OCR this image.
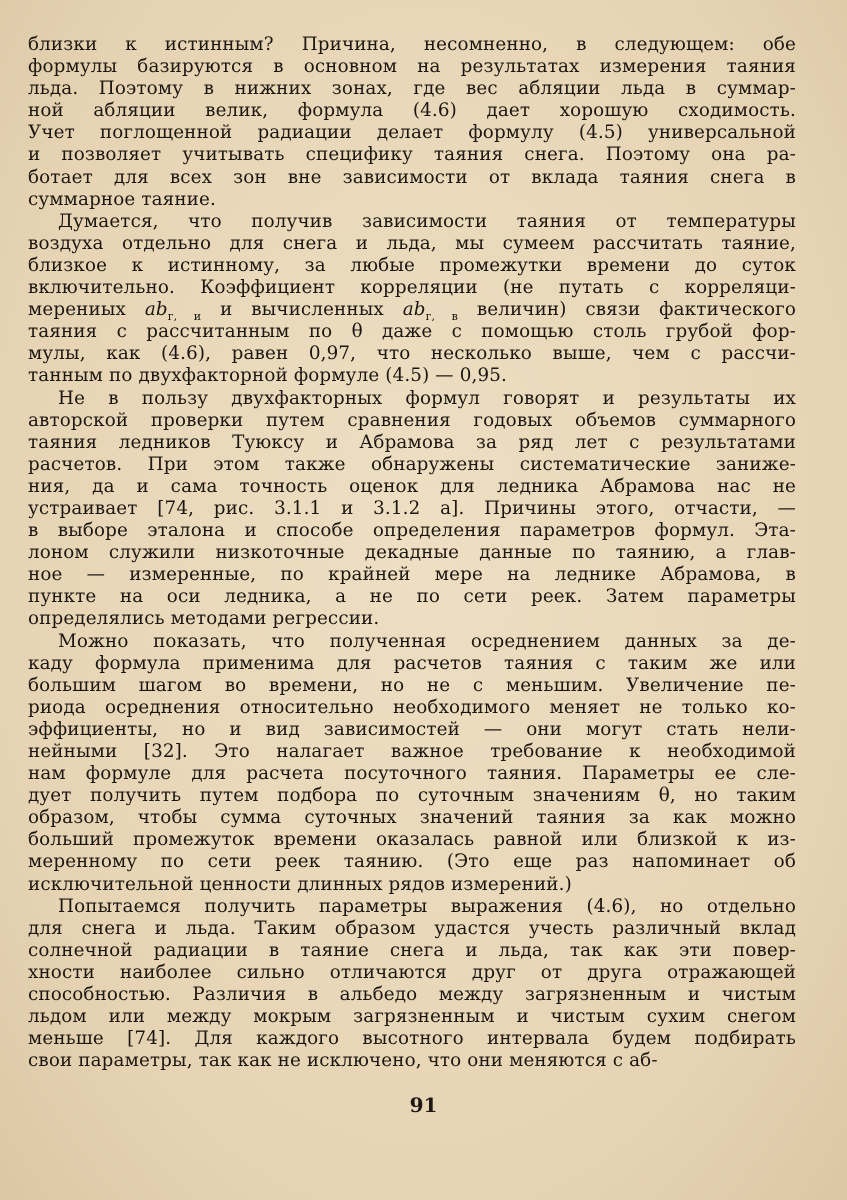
близки к истинным? Причина, несомненно, в следующем: обе
формулы базируются в основном на результатах измерения таяния
льда. Поэтому в нижних зонах, где вес абляции льда в суммар-
ной абляции велик, формула (4.6) дает хорошую сходимость.
Учет поглощенной радиации делает формулу (4.5) универсальной
и позволяет учитывать специфику таяния снега. Поэтому она ра-
ботает для всех зон вне зависимости от вклада таяния снега в
суммарное таяние.
Думается, что получив зависимости таяния от температуры
воздуха отдельно для снега и льда, мы сумеем рассчитать таяние,
близкое к истинному, за любые промежутки времени до суток
включительно. Коэффициент корреляции (не путать с корреляци-
мерениых $ab_{г, и}$ и вычисленных $ab_{г, в}$ величин) связи фактического
таяния с рассчитанным по θ даже с помощью столь грубой фор-
мулы, как (4.6), равен 0,97, что несколько выше, чем с рассчи-
танным по двухфакторной формуле (4.5) — 0,95.
Не в пользу двухфакторных формул говорят и результаты их
авторской проверки путем сравнения годовых объемов суммарного
таяния ледников Туюксу и Абрамова за ряд лет с результатами
расчетов. При этом также обнаружены систематические занижe-
ния, да и сама точность оценок для ледника Абрамова нас не
устраивает [74, рис. 3.1.1 и 3.1.2 а]. Причины этого, отчасти, —
в выборе эталона и способе определения параметров формул. Эта-
лоном служили низкоточные декадные данные по таянию, а глав-
ное — измеренные, по крайней мере на леднике Абрамова, в
пункте на оси ледника, а не по сети реек. Затем параметры
определялись методами регрессии.
Можно показать, что полученная осреднением данных за де-
каду формула применима для расчетов таяния с таким же или
большим шагом во времени, но не с меньшим. Увеличение пе-
риода осреднения относительно необходимого меняет не только ко-
эффициенты, но и вид зависимостей — они могут стать нели-
нейными [32]. Это налагает важное требование к необходимой
нам формуле для расчета посуточного таяния. Параметры ее сле-
дует получить путем подбора по суточным значениям θ, но таким
образом, чтобы сумма суточных значений таяния за как можно
больший промежуток времени оказалась равной или близкой к из-
меренному по сети реек таянию. (Это еще раз напоминает об
исключительной ценности длинных рядов измерений.)
Попытаемся получить параметры выражения (4.6), но отдельно
для снега и льда. Таким образом удастся учесть различный вклад
солнечной радиации в таяние снега и льда, так как эти повер-
хности наиболее сильно отличаются друг от друга отражающей
способностью. Различия в альбедо между загрязненным и чистым
льдом или между мокрым загрязненным и чистым сухим снегом
меньше [74]. Для каждого высотного интервала будем подбирать
свои параметры, так как не исключено, что они меняются с аб-
91
